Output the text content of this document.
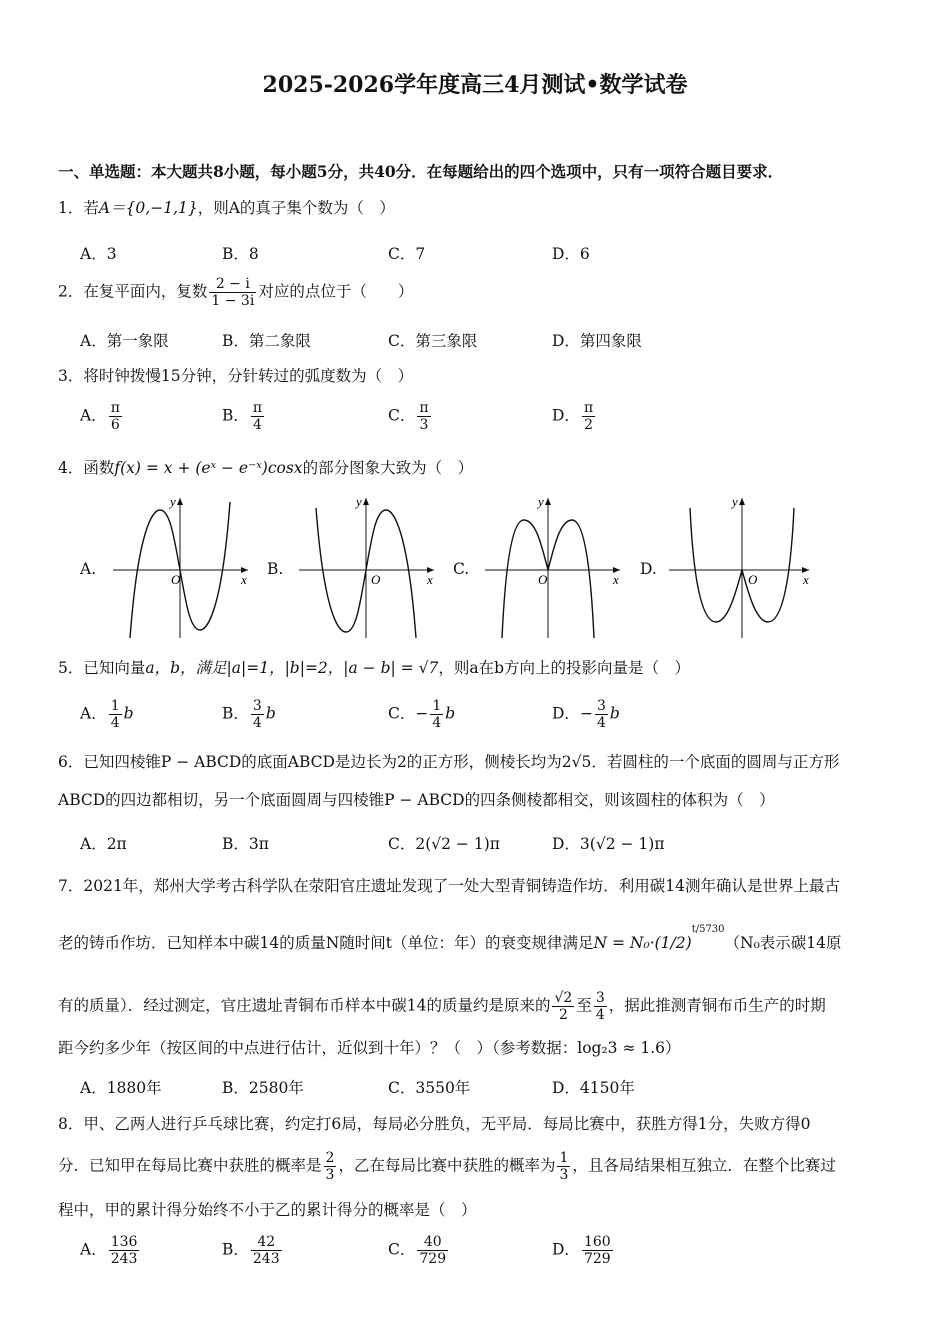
2025-2026学年度高三4月测试•数学试卷
一、单选题：本大题共8小题，每小题5分，共40分．在每题给出的四个选项中，只有一项符合题目要求．
1．若A＝{0,−1,1}，则A的真子集个数为（　）
A．3	B．8	C．7	D．6
2．在复平面内，复数 $\frac{2 - i}{1 - 3i}$ 对应的点位于（　　）
A．第一象限	B．第二象限	C．第三象限	D．第四象限
3．将时钟拨慢15分钟，分针转过的弧度数为（　）
A． $\frac{\pi}{6}$	B． $\frac{\pi}{4}$	C． $\frac{\pi}{3}$	D． $\frac{\pi}{2}$
4．函数f(x) = x + (eˣ − e⁻ˣ)cosx的部分图象大致为（　）
A.
O	x
y
B.
O	x
y
C.
O	x
y
D.
O	x
y
5．已知向量a，b，满足|a|=1，|b|=2，|a − b| = √7，则a在b方向上的投影向量是（　）
A． $\frac{1}{4}$ b	B． $\frac{3}{4}$ b	C．− $\frac{1}{4}$ b	D．− $\frac{3}{4}$ b
6．已知四棱锥P − ABCD的底面ABCD是边长为2的正方形，侧棱长均为2√5．若圆柱的一个底面的圆周与正方形
ABCD的四边都相切，另一个底面圆周与四棱锥P − ABCD的四条侧棱都相交，则该圆柱的体积为（　）
A．2π	B．3π	C．2(√2 − 1)π	D．3(√2 − 1)π
7．2021年，郑州大学考古科学队在荥阳官庄遗址发现了一处大型青铜铸造作坊．利用碳14测年确认是世界上最古
老的铸币作坊．已知样本中碳14的质量N随时间t（单位：年）的衰变规律满足$N = N_0\cdot(1/2)^{t/5730}(N_0$表示碳14原
有的质量）．经过测定，官庄遗址青铜布币样本中碳14的质量约是原来的 $\frac{√2}{2}$ 至 $\frac{3}{4}$ ，据此推测青铜布币生产的时期
距今约多少年（按区间的中点进行估计，近似到十年）？（　）（参考数据：log₂3 ≈ 1.6）
A．1880年	B．2580年	C．3550年	D．4150年
8．甲、乙两人进行乒乓球比赛，约定打6局，每局必分胜负，无平局．每局比赛中，获胜方得1分，失败方得0
分．已知甲在每局比赛中获胜的概率是 $\frac{2}{3}$ ，乙在每局比赛中获胜的概率为 $\frac{1}{3}$ ，且各局结果相互独立．在整个比赛过
程中，甲的累计得分始终不小于乙的累计得分的概率是（　）
A． $\frac{136}{243}$	B． $\frac{42}{243}$	C． $\frac{40}{729}$	D． $\frac{160}{729}$
